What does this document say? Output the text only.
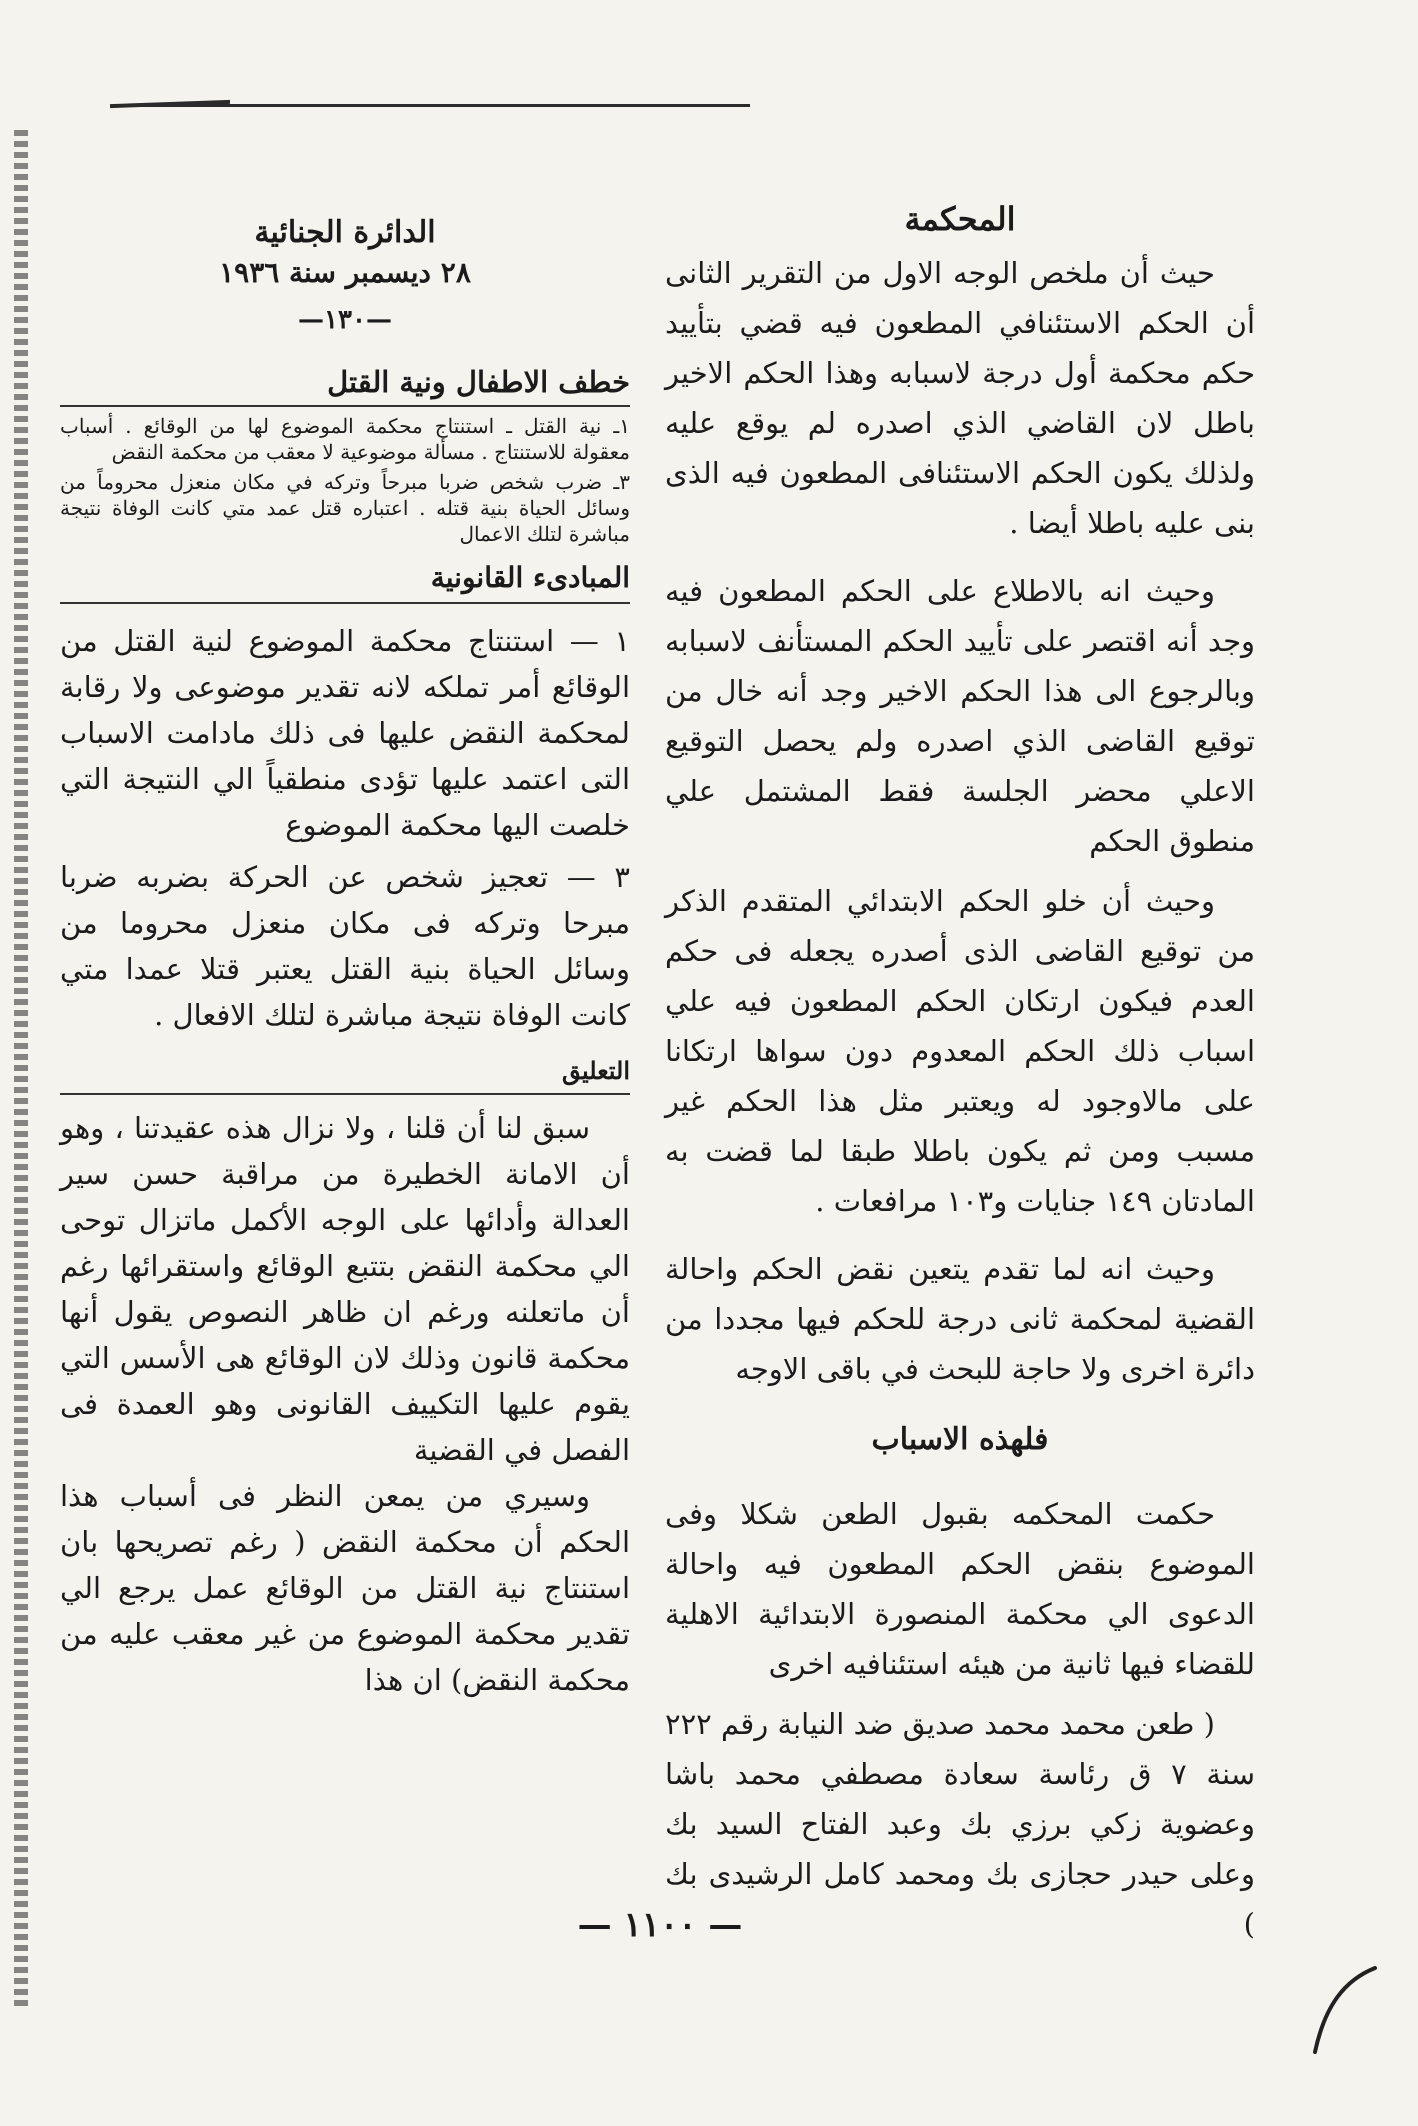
المحكمة

حيث أن ملخص الوجه الاول من التقرير الثانى أن الحكم الاستئنافي المطعون فيه قضي بتأييد حكم محكمة أول درجة لاسبابه وهذا الحكم الاخير باطل لان القاضي الذي اصدره لم يوقع عليه ولذلك يكون الحكم الاستئنافى المطعون فيه الذى بنى عليه باطلا أيضا .

وحيث انه بالاطلاع على الحكم المطعون فيه وجد أنه اقتصر على تأييد الحكم المستأنف لاسبابه وبالرجوع الى هذا الحكم الاخير وجد أنه خال من توقيع القاضى الذي اصدره ولم يحصل التوقيع الاعلي محضر الجلسة فقط المشتمل علي منطوق الحكم

وحيث أن خلو الحكم الابتدائي المتقدم الذكر من توقيع القاضى الذى أصدره يجعله فى حكم العدم فيكون ارتكان الحكم المطعون فيه علي اسباب ذلك الحكم المعدوم دون سواها ارتكانا على مالاوجود له ويعتبر مثل هذا الحكم غير مسبب ومن ثم يكون باطلا طبقا لما قضت به المادتان ١٤٩ جنايات و١٠٣ مرافعات .

وحيث انه لما تقدم يتعين نقض الحكم واحالة القضية لمحكمة ثانى درجة للحكم فيها مجددا من دائرة اخرى ولا حاجة للبحث في باقى الاوجه

فلهذه الاسباب

حكمت المحكمه بقبول الطعن شكلا وفى الموضوع بنقض الحكم المطعون فيه واحالة الدعوى الي محكمة المنصورة الابتدائية الاهلية للقضاء فيها ثانية من هيئه استئنافيه اخرى

( طعن محمد محمد صديق ضد النيابة رقم ٢٢٢ سنة ٧ ق رئاسة سعادة مصطفي محمد باشا وعضوية زكي برزي بك وعبد الفتاح السيد بك وعلى حيدر حجازى بك ومحمد كامل الرشيدى بك )

الدائرة الجنائية

٢٨ ديسمبر سنة ١٩٣٦

—١٣٠—

خطف الاطفال ونية القتل

١ـ نية القتل ـ استنتاج محكمة الموضوع لها من الوقائع . أسباب معقولة للاستنتاج . مسألة موضوعية لا معقب من محكمة النقض

٣ـ ضرب شخص ضربا مبرحاً وتركه في مكان منعزل محروماً من وسائل الحياة بنية قتله . اعتباره قتل عمد متي كانت الوفاة نتيجة مباشرة لتلك الاعمال

المبادىء القانونية

١ — استنتاج محكمة الموضوع لنية القتل من الوقائع أمر تملكه لانه تقدير موضوعى ولا رقابة لمحكمة النقض عليها فى ذلك مادامت الاسباب التى اعتمد عليها تؤدى منطقياً الي النتيجة التي خلصت اليها محكمة الموضوع

٣ — تعجيز شخص عن الحركة بضربه ضربا مبرحا وتركه فى مكان منعزل محروما من وسائل الحياة بنية القتل يعتبر قتلا عمدا متي كانت الوفاة نتيجة مباشرة لتلك الافعال .

التعليق

سبق لنا أن قلنا ، ولا نزال هذه عقيدتنا ، وهو أن الامانة الخطيرة من مراقبة حسن سير العدالة وأدائها على الوجه الأكمل ماتزال توحى الي محكمة النقض بتتبع الوقائع واستقرائها رغم أن ماتعلنه ورغم ان ظاهر النصوص يقول أنها محكمة قانون وذلك لان الوقائع هى الأسس التي يقوم عليها التكييف القانونى وهو العمدة فى الفصل في القضية

وسيري من يمعن النظر فى أسباب هذا الحكم أن محكمة النقض ( رغم تصريحها بان استنتاج نية القتل من الوقائع عمل يرجع الي تقدير محكمة الموضوع من غير معقب عليه من محكمة النقض) ان هذا

— ١١٠٠ —
